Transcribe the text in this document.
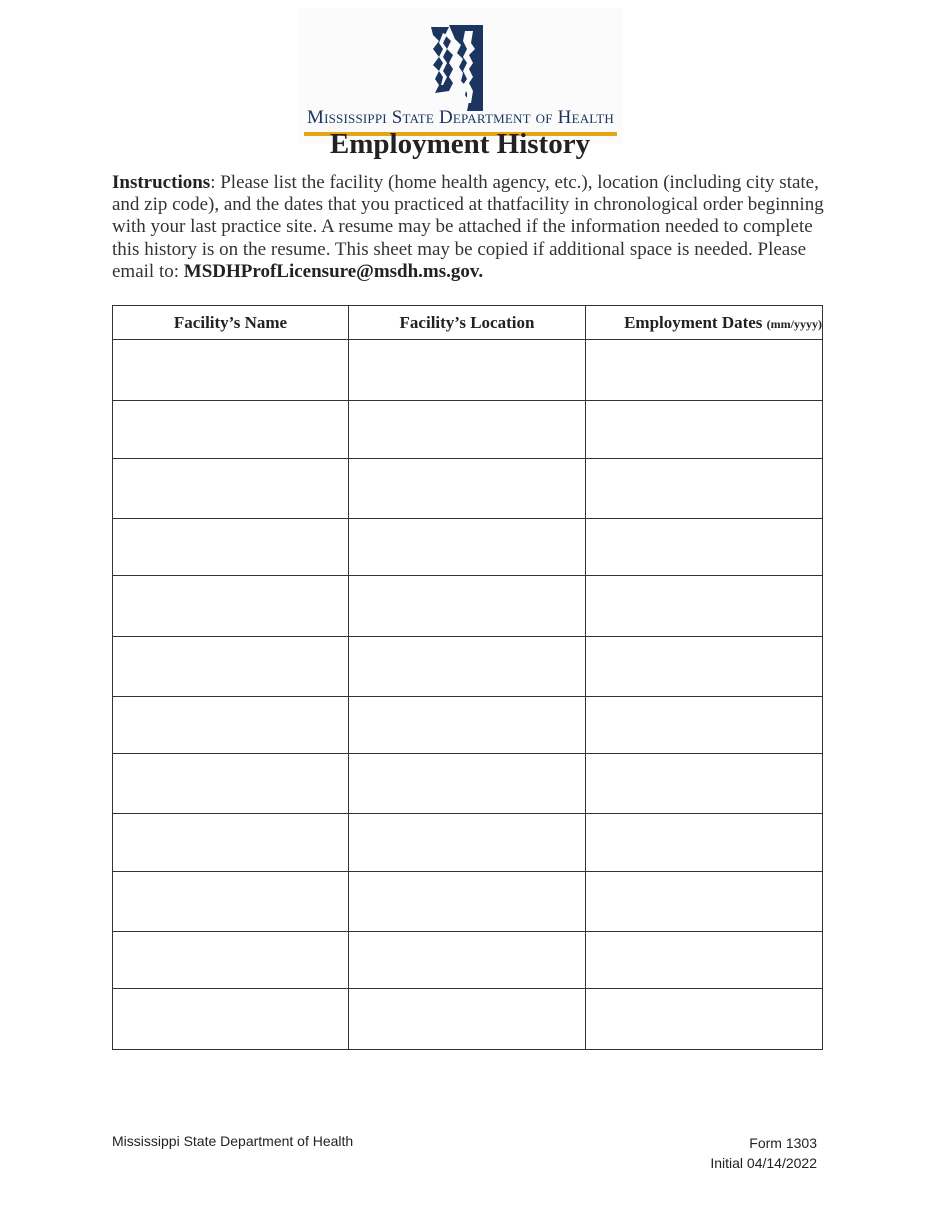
Mississippi State Department of Health
Employment History

Instructions: Please list the facility (home health agency, etc.), location (including city state, and zip code), and the dates that you practiced at thatfacility in chronological order beginning with your last practice site. A resume may be attached if the information needed to complete this history is on the resume. This sheet may be copied if additional space is needed. Please email to: MSDHProfLicensure@msdh.ms.gov.

Facility’s Name	Facility’s Location	Employment Dates (mm/yyyy)

Mississippi State Department of Health	Form 1303
Initial 04/14/2022
